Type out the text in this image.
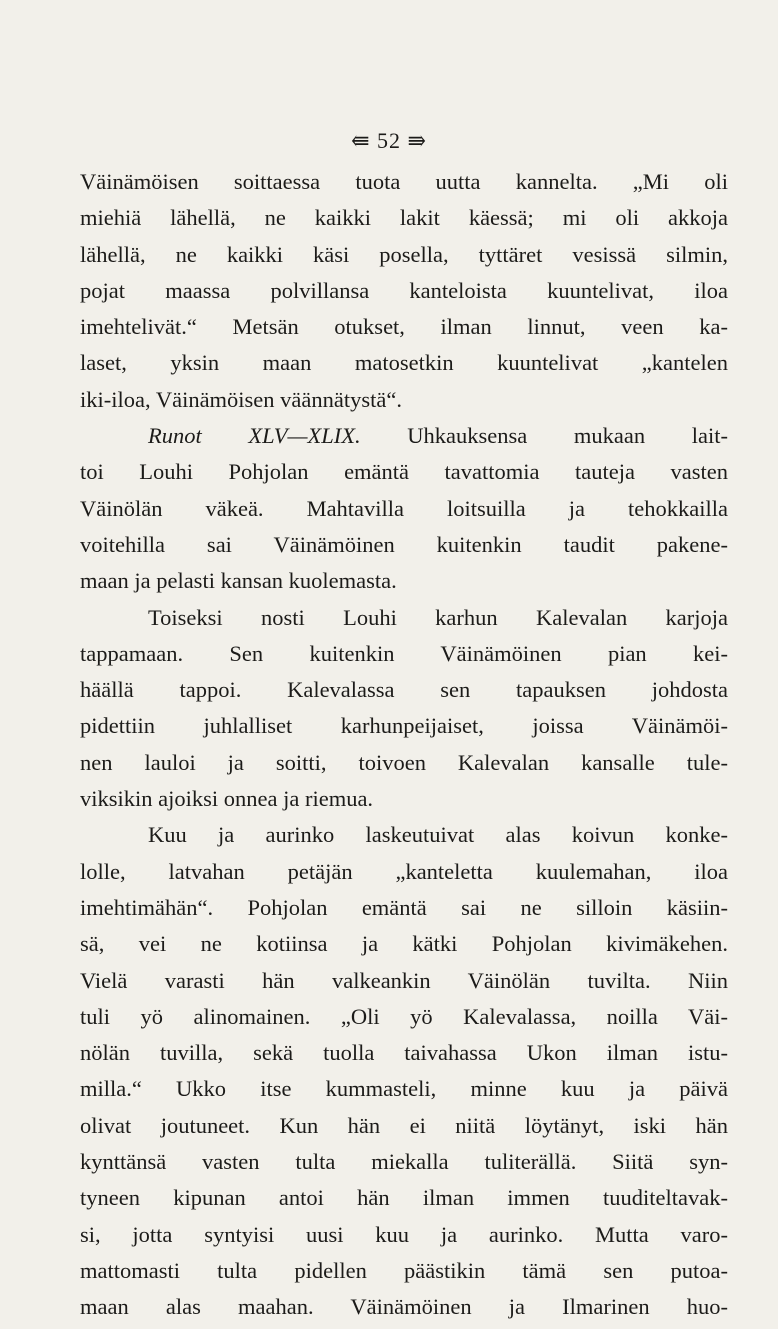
⇚ 52 ⇛
Väinämöisen soittaessa tuota uutta kannelta. „Mi oli
miehiä lähellä, ne kaikki lakit käessä; mi oli akkoja
lähellä, ne kaikki käsi posella, tyttäret vesissä silmin,
pojat maassa polvillansa kanteloista kuuntelivat, iloa
imehtelivät.“ Metsän otukset, ilman linnut, veen ka-
laset, yksin maan matosetkin kuuntelivat „kantelen
iki-iloa, Väinämöisen väännätystä“.
Runot XLV—XLIX. Uhkauksensa mukaan lait-
toi Louhi Pohjolan emäntä tavattomia tauteja vasten
Väinölän väkeä. Mahtavilla loitsuilla ja tehokkailla
voitehilla sai Väinämöinen kuitenkin taudit pakene-
maan ja pelasti kansan kuolemasta.
Toiseksi nosti Louhi karhun Kalevalan karjoja
tappamaan. Sen kuitenkin Väinämöinen pian kei-
häällä tappoi. Kalevalassa sen tapauksen johdosta
pidettiin juhlalliset karhunpeijaiset, joissa Väinämöi-
nen lauloi ja soitti, toivoen Kalevalan kansalle tule-
viksikin ajoiksi onnea ja riemua.
Kuu ja aurinko laskeutuivat alas koivun konke-
lolle, latvahan petäjän „kanteletta kuulemahan, iloa
imehtimähän“. Pohjolan emäntä sai ne silloin käsiin-
sä, vei ne kotiinsa ja kätki Pohjolan kivimäkehen.
Vielä varasti hän valkeankin Väinölän tuvilta. Niin
tuli yö alinomainen. „Oli yö Kalevalassa, noilla Väi-
nölän tuvilla, sekä tuolla taivahassa Ukon ilman istu-
milla.“ Ukko itse kummasteli, minne kuu ja päivä
olivat joutuneet. Kun hän ei niitä löytänyt, iski hän
kynttänsä vasten tulta miekalla tuliterällä. Siitä syn-
tyneen kipunan antoi hän ilman immen tuuditeltavak-
si, jotta syntyisi uusi kuu ja aurinko. Mutta varo-
mattomasti tulta pidellen päästikin tämä sen putoa-
maan alas maahan. Väinämöinen ja Ilmarinen huo-
